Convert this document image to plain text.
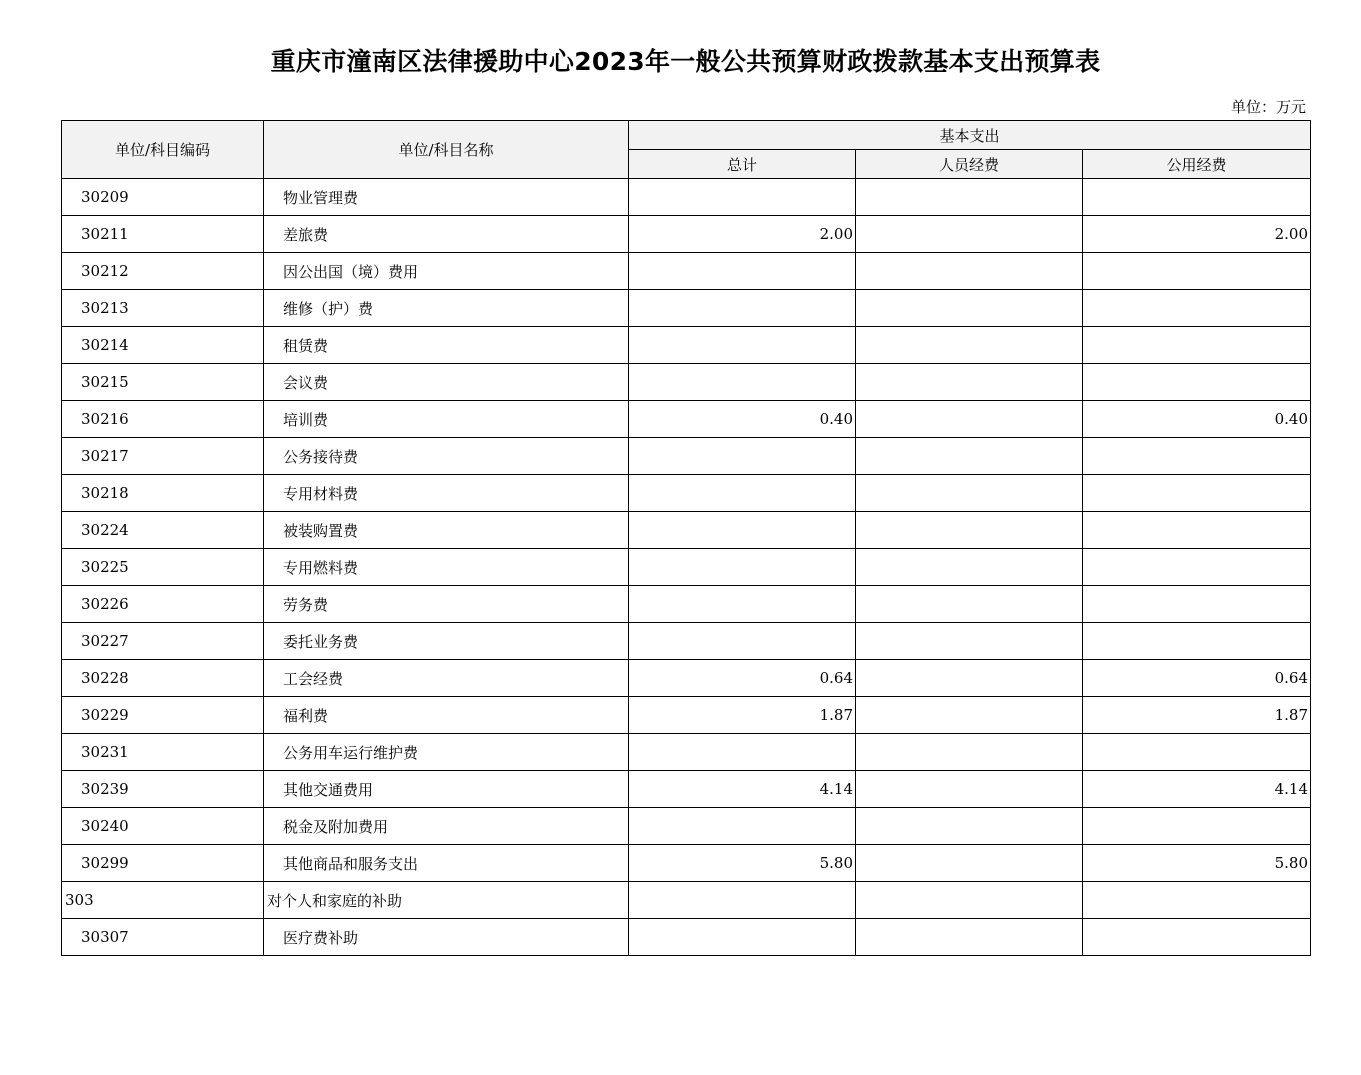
重庆市潼南区法律援助中心2023年一般公共预算财政拨款基本支出预算表
单位：万元
单位/科目编码	单位/科目名称	基本支出		
		总计	人员经费	公用经费
30209	物业管理费			
30211	差旅费	2.00		2.00
30212	因公出国（境）费用			
30213	维修（护）费			
30214	租赁费			
30215	会议费			
30216	培训费	0.40		0.40
30217	公务接待费			
30218	专用材料费			
30224	被装购置费			
30225	专用燃料费			
30226	劳务费			
30227	委托业务费			
30228	工会经费	0.64		0.64
30229	福利费	1.87		1.87
30231	公务用车运行维护费			
30239	其他交通费用	4.14		4.14
30240	税金及附加费用			
30299	其他商品和服务支出	5.80		5.80
303	对个人和家庭的补助			
30307	医疗费补助			
